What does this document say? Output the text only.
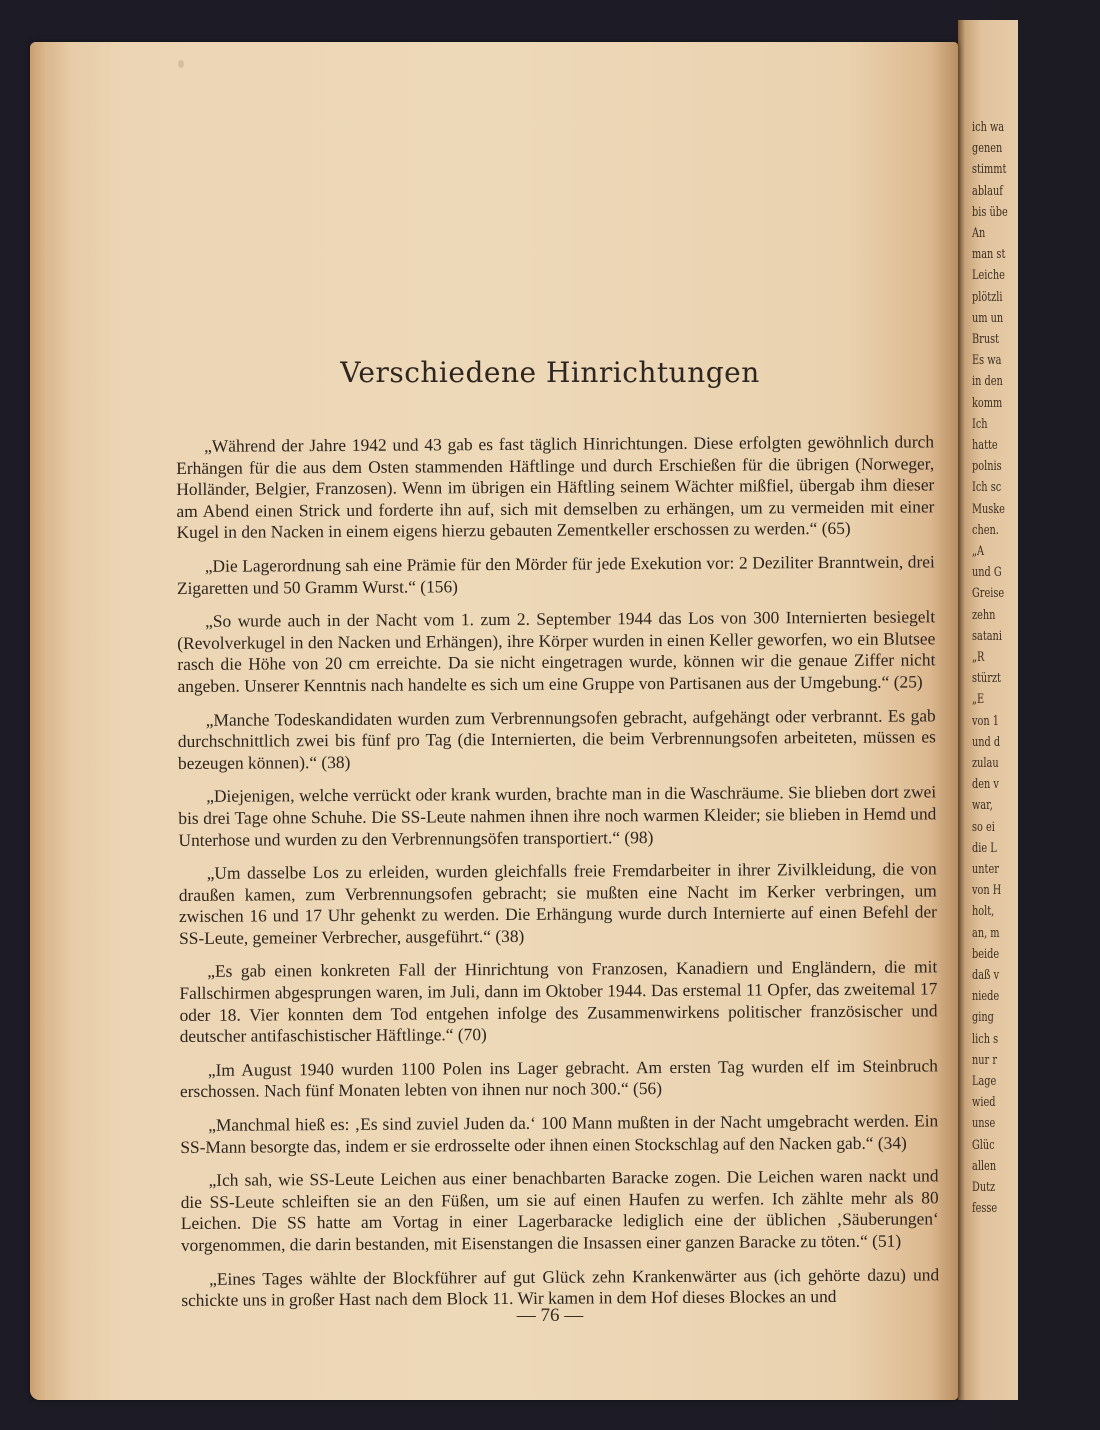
ich wa
genen
stimmt
ablauf
bis übe
An
man st
Leiche
plötzli
um un
Brust
Es wa
in den
komm
Ich
hatte
polnis
Ich sc
Muske
chen.
„A
und G
Greise
zehn
satani
„R
stürzt
„E
von 1
und d
zulau
den v
war,
so ei
die L
unter
von H
holt,
an, m
beide
daß v
niede
ging
lich s
nur r
Lage
wied
unse
Glüc
allen
Dutz
fesse
Verschiedene Hinrichtungen

„Während der Jahre 1942 und 43 gab es fast täglich Hinrichtungen. Diese erfolgten gewöhnlich durch Erhängen für die aus dem Osten stammenden Häftlinge und durch Erschießen für die übrigen (Norweger, Holländer, Belgier, Franzosen). Wenn im übrigen ein Häftling seinem Wächter mißfiel, übergab ihm dieser am Abend einen Strick und forderte ihn auf, sich mit demselben zu erhängen, um zu vermeiden mit einer Kugel in den Nacken in einem eigens hierzu gebauten Zementkeller erschossen zu werden.“ (65)

„Die Lagerordnung sah eine Prämie für den Mörder für jede Exekution vor: 2 Deziliter Branntwein, drei Zigaretten und 50 Gramm Wurst.“ (156)

„So wurde auch in der Nacht vom 1. zum 2. September 1944 das Los von 300 Internierten besiegelt (Revolverkugel in den Nacken und Erhängen), ihre Körper wurden in einen Keller geworfen, wo ein Blutsee rasch die Höhe von 20 cm erreichte. Da sie nicht eingetragen wurde, können wir die genaue Ziffer nicht angeben. Unserer Kenntnis nach handelte es sich um eine Gruppe von Partisanen aus der Umgebung.“ (25)

„Manche Todeskandidaten wurden zum Verbrennungsofen gebracht, aufgehängt oder verbrannt. Es gab durchschnittlich zwei bis fünf pro Tag (die Internierten, die beim Verbrennungsofen arbeiteten, müssen es bezeugen können).“ (38)

„Diejenigen, welche verrückt oder krank wurden, brachte man in die Waschräume. Sie blieben dort zwei bis drei Tage ohne Schuhe. Die SS-Leute nahmen ihnen ihre noch warmen Kleider; sie blieben in Hemd und Unterhose und wurden zu den Verbrennungsöfen transportiert.“ (98)

„Um dasselbe Los zu erleiden, wurden gleichfalls freie Fremdarbeiter in ihrer Zivilkleidung, die von draußen kamen, zum Verbrennungsofen gebracht; sie mußten eine Nacht im Kerker verbringen, um zwischen 16 und 17 Uhr gehenkt zu werden. Die Erhängung wurde durch Internierte auf einen Befehl der SS-Leute, gemeiner Verbrecher, ausgeführt.“ (38)

„Es gab einen konkreten Fall der Hinrichtung von Franzosen, Kanadiern und Engländern, die mit Fallschirmen abgesprungen waren, im Juli, dann im Oktober 1944. Das erstemal 11 Opfer, das zweitemal 17 oder 18. Vier konnten dem Tod entgehen infolge des Zusammenwirkens politischer französischer und deutscher antifaschistischer Häftlinge.“ (70)

„Im August 1940 wurden 1100 Polen ins Lager gebracht. Am ersten Tag wurden elf im Steinbruch erschossen. Nach fünf Monaten lebten von ihnen nur noch 300.“ (56)

„Manchmal hieß es: ‚Es sind zuviel Juden da.‘ 100 Mann mußten in der Nacht umgebracht werden. Ein SS-Mann besorgte das, indem er sie erdrosselte oder ihnen einen Stockschlag auf den Nacken gab.“ (34)

„Ich sah, wie SS-Leute Leichen aus einer benachbarten Baracke zogen. Die Leichen waren nackt und die SS-Leute schleiften sie an den Füßen, um sie auf einen Haufen zu werfen. Ich zählte mehr als 80 Leichen. Die SS hatte am Vortag in einer Lagerbaracke lediglich eine der üblichen ‚Säuberungen‘ vorgenommen, die darin bestanden, mit Eisenstangen die Insassen einer ganzen Baracke zu töten.“ (51)

„Eines Tages wählte der Blockführer auf gut Glück zehn Krankenwärter aus (ich gehörte dazu) und schickte uns in großer Hast nach dem Block 11. Wir kamen in dem Hof dieses Blockes an und

— 76 —
